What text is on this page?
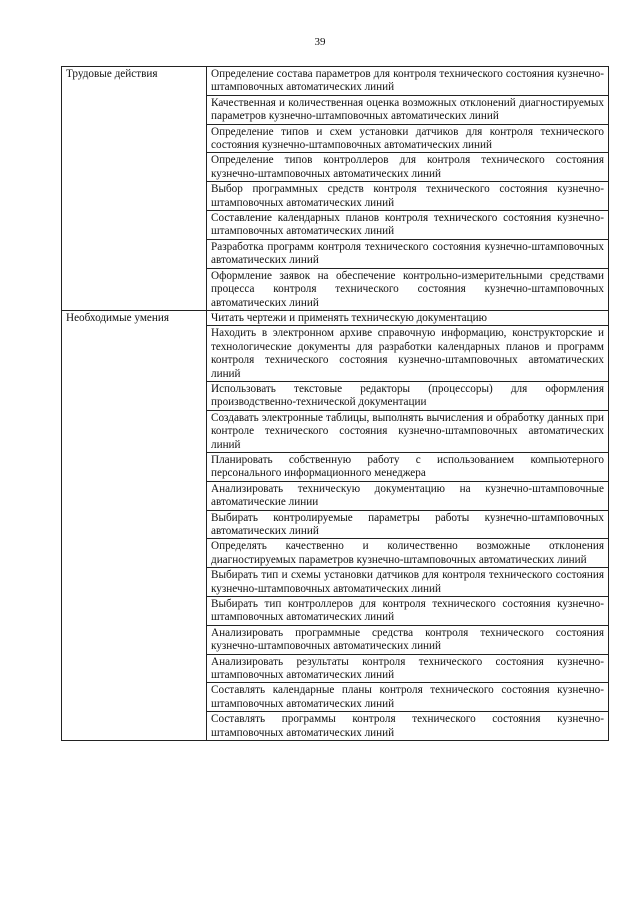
39
Трудовые действия	Определение состава параметров для контроля технического состояния кузнечно-штамповочных автоматических линий
	Качественная и количественная оценка возможных отклонений диагностируемых параметров кузнечно-штамповочных автоматических линий
	Определение типов и схем установки датчиков для контроля технического состояния кузнечно-штамповочных автоматических линий
	Определение типов контроллеров для контроля технического состояния кузнечно-штамповочных автоматических линий
	Выбор программных средств контроля технического состояния кузнечно-штамповочных автоматических линий
	Составление календарных планов контроля технического состояния кузнечно-штамповочных автоматических линий
	Разработка программ контроля технического состояния кузнечно-штамповочных автоматических линий
	Оформление заявок на обеспечение контрольно-измерительными средствами процесса контроля технического состояния кузнечно-штамповочных автоматических линий
Необходимые умения	Читать чертежи и применять техническую документацию
	Находить в электронном архиве справочную информацию, конструкторские и технологические документы для разработки календарных планов и программ контроля технического состояния кузнечно-штамповочных автоматических линий
	Использовать текстовые редакторы (процессоры) для оформления производственно-технической документации
	Создавать электронные таблицы, выполнять вычисления и обработку данных при контроле технического состояния кузнечно-штамповочных автоматических линий
	Планировать собственную работу с использованием компьютерного персонального информационного менеджера
	Анализировать техническую документацию на кузнечно-штамповочные автоматические линии
	Выбирать контролируемые параметры работы кузнечно-штамповочных автоматических линий
	Определять качественно и количественно возможные отклонения диагностируемых параметров кузнечно-штамповочных автоматических линий
	Выбирать тип и схемы установки датчиков для контроля технического состояния кузнечно-штамповочных автоматических линий
	Выбирать тип контроллеров для контроля технического состояния кузнечно-штамповочных автоматических линий
	Анализировать программные средства контроля технического состояния кузнечно-штамповочных автоматических линий
	Анализировать результаты контроля технического состояния кузнечно-штамповочных автоматических линий
	Составлять календарные планы контроля технического состояния кузнечно-штамповочных автоматических линий
	Составлять программы контроля технического состояния кузнечно-штамповочных автоматических линий
